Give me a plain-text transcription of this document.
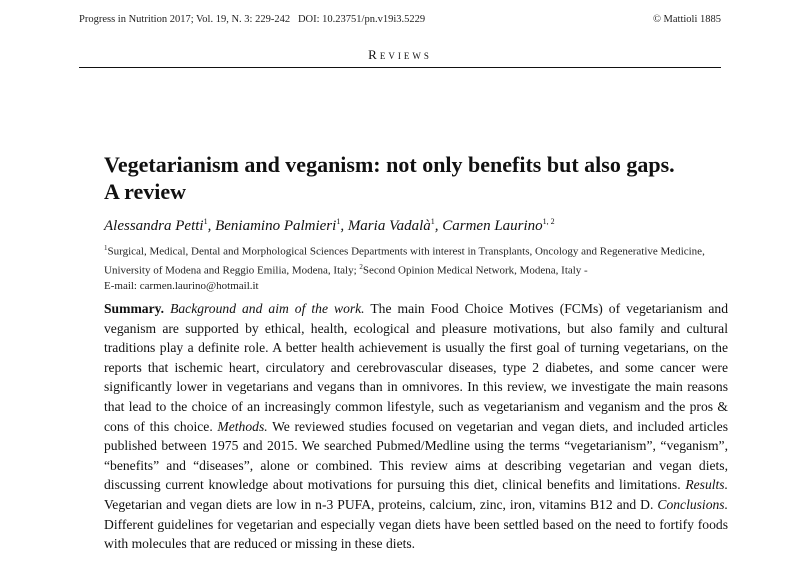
Progress in Nutrition 2017; Vol. 19, N. 3: 229-242 DOI: 10.23751/pn.v19i3.5229	© Mattioli 1885
Reviews
Vegetarianism and veganism: not only benefits but also gaps.
A review
Alessandra Petti$^1$, Beniamino Palmieri$^1$, Maria Vadalà$^1$, Carmen Laurino$^{1, 2}$
$^1$Surgical, Medical, Dental and Morphological Sciences Departments with interest in Transplants, Oncology and Regenerative Medicine, University of Modena and Reggio Emilia, Modena, Italy; $^2$Second Opinion Medical Network, Modena, Italy -
E-mail: carmen.laurino@hotmail.it

Summary. Background and aim of the work. The main Food Choice Motives (FCMs) of vegetarianism and veganism are supported by ethical, health, ecological and pleasure motivations, but also family and cultural traditions play a definite role. A better health achievement is usually the first goal of turning vegetarians, on the reports that ischemic heart, circulatory and cerebrovascular diseases, type 2 diabetes, and some cancer were significantly lower in vegetarians and vegans than in omnivores. In this review, we investigate the main reasons that lead to the choice of an increasingly common lifestyle, such as vegetarianism and veganism and the pros & cons of this choice. Methods. We reviewed studies focused on vegetarian and vegan diets, and included articles published between 1975 and 2015. We searched Pubmed/Medline using the terms “vegetarianism”, “veganism”, “benefits” and “diseases”, alone or combined. This review aims at describing vegetarian and vegan diets, discussing current knowledge about motivations for pursuing this diet, clinical benefits and limitations. Results. Vegetarian and vegan diets are low in n-3 PUFA, proteins, calcium, zinc, iron, vitamins B12 and D. Conclusions. Different guidelines for vegetarian and especially vegan diets have been settled based on the need to fortify foods with molecules that are reduced or missing in these diets.
